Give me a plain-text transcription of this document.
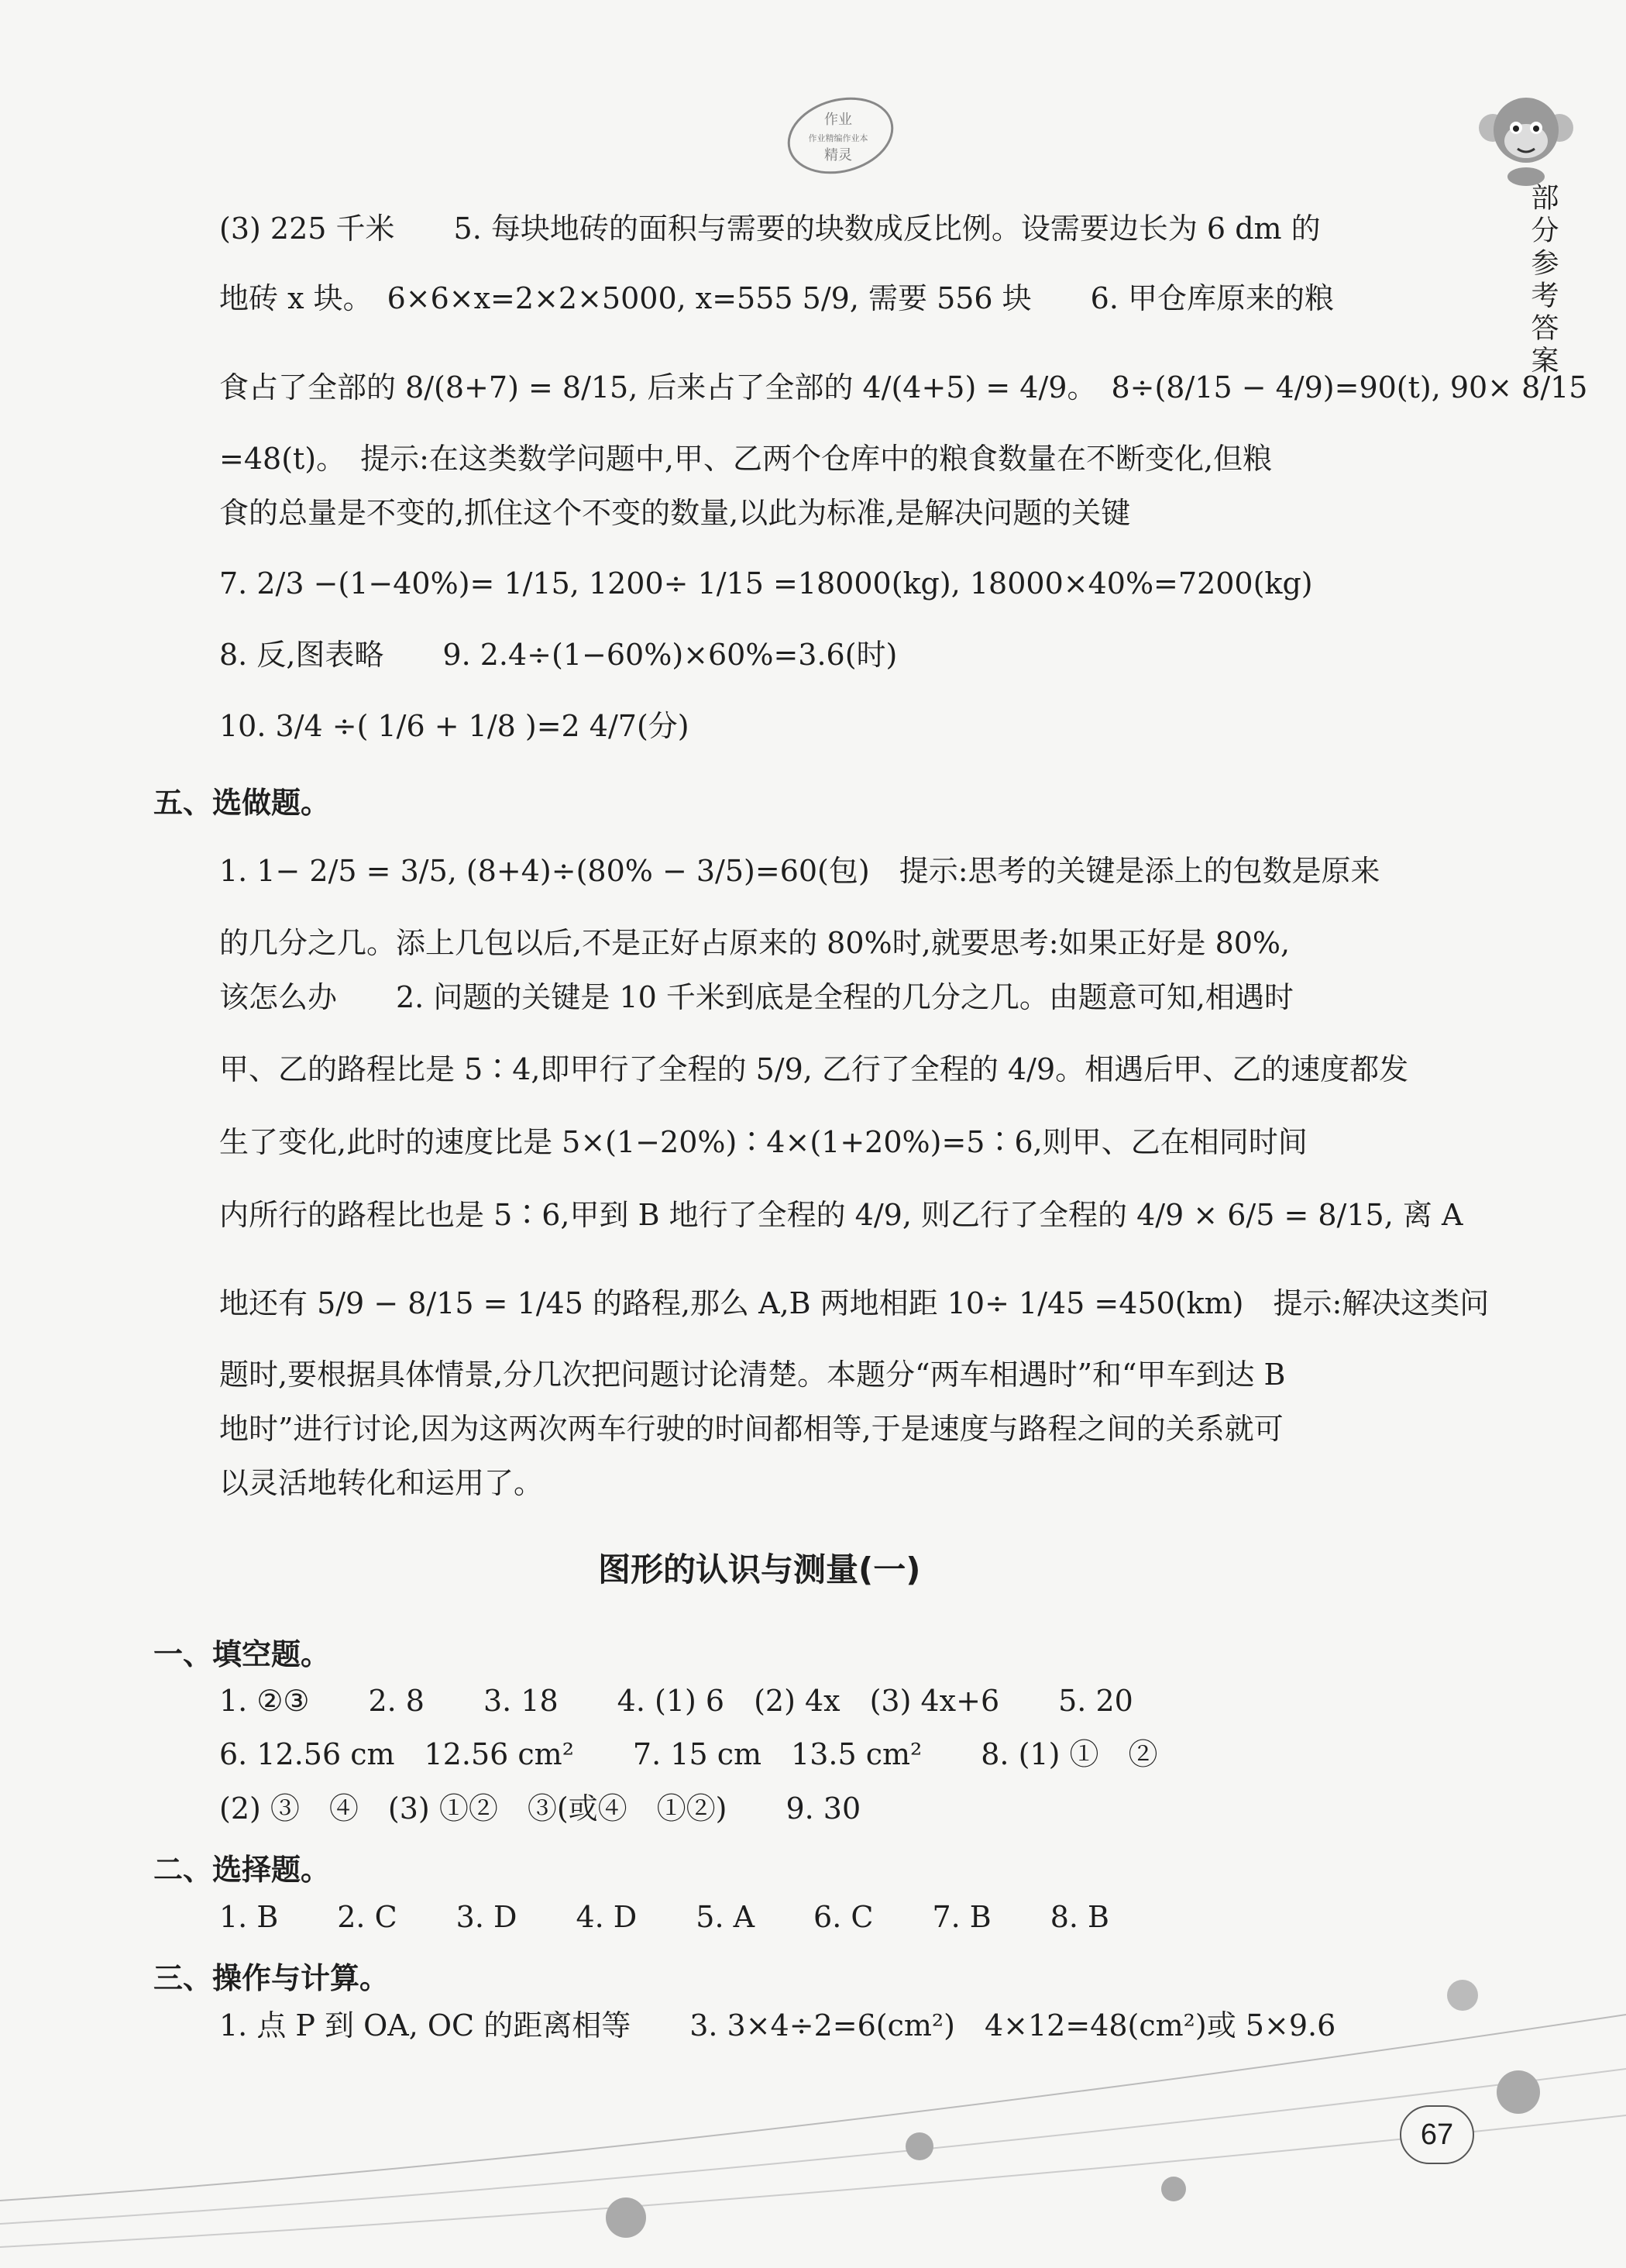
作业
作业精编作业本
精灵
部分参考答案
(3) 225 千米　　5. 每块地砖的面积与需要的块数成反比例。设需要边长为 6 dm 的
地砖 x 块。　6×6×x=2×2×5000, x=555 5/9, 需要 556 块　　6. 甲仓库原来的粮
食占了全部的 8/(8+7) = 8/15, 后来占了全部的 4/(4+5) = 4/9。　8÷(8/15 − 4/9)=90(t), 90× 8/15
=48(t)。　提示:在这类数学问题中,甲、乙两个仓库中的粮食数量在不断变化,但粮
食的总量是不变的,抓住这个不变的数量,以此为标准,是解决问题的关键
7. 2/3 −(1−40%)= 1/15, 1200÷ 1/15 =18000(kg), 18000×40%=7200(kg)
8. 反,图表略　　9. 2.4÷(1−60%)×60%=3.6(时)
10. 3/4 ÷( 1/6 + 1/8 )=2 4/7(分)
五、选做题。
1. 1− 2/5 = 3/5, (8+4)÷(80% − 3/5)=60(包)　提示:思考的关键是添上的包数是原来
的几分之几。添上几包以后,不是正好占原来的 80%时,就要思考:如果正好是 80%,
该怎么办　　2. 问题的关键是 10 千米到底是全程的几分之几。由题意可知,相遇时
甲、乙的路程比是 5∶4,即甲行了全程的 5/9, 乙行了全程的 4/9。相遇后甲、乙的速度都发
生了变化,此时的速度比是 5×(1−20%)∶4×(1+20%)=5∶6,则甲、乙在相同时间
内所行的路程比也是 5∶6,甲到 B 地行了全程的 4/9, 则乙行了全程的 4/9 × 6/5 = 8/15, 离 A
地还有 5/9 − 8/15 = 1/45 的路程,那么 A,B 两地相距 10÷ 1/45 =450(km)　提示:解决这类问
题时,要根据具体情景,分几次把问题讨论清楚。本题分“两车相遇时”和“甲车到达 B
地时”进行讨论,因为这两次两车行驶的时间都相等,于是速度与路程之间的关系就可
以灵活地转化和运用了。
图形的认识与测量(一)
一、填空题。
1. ②③　　2. 8　　3. 18　　4. (1) 6　(2) 4x　(3) 4x+6　　5. 20
6. 12.56 cm　12.56 cm²　　7. 15 cm　13.5 cm²　　8. (1) ①　②
(2) ③　④　(3) ①②　③(或④　①②)　　9. 30
二、选择题。
1. B　　2. C　　3. D　　4. D　　5. A　　6. C　　7. B　　8. B
三、操作与计算。
1. 点 P 到 OA, OC 的距离相等　　3. 3×4÷2=6(cm²)　4×12=48(cm²)或 5×9.6
67
